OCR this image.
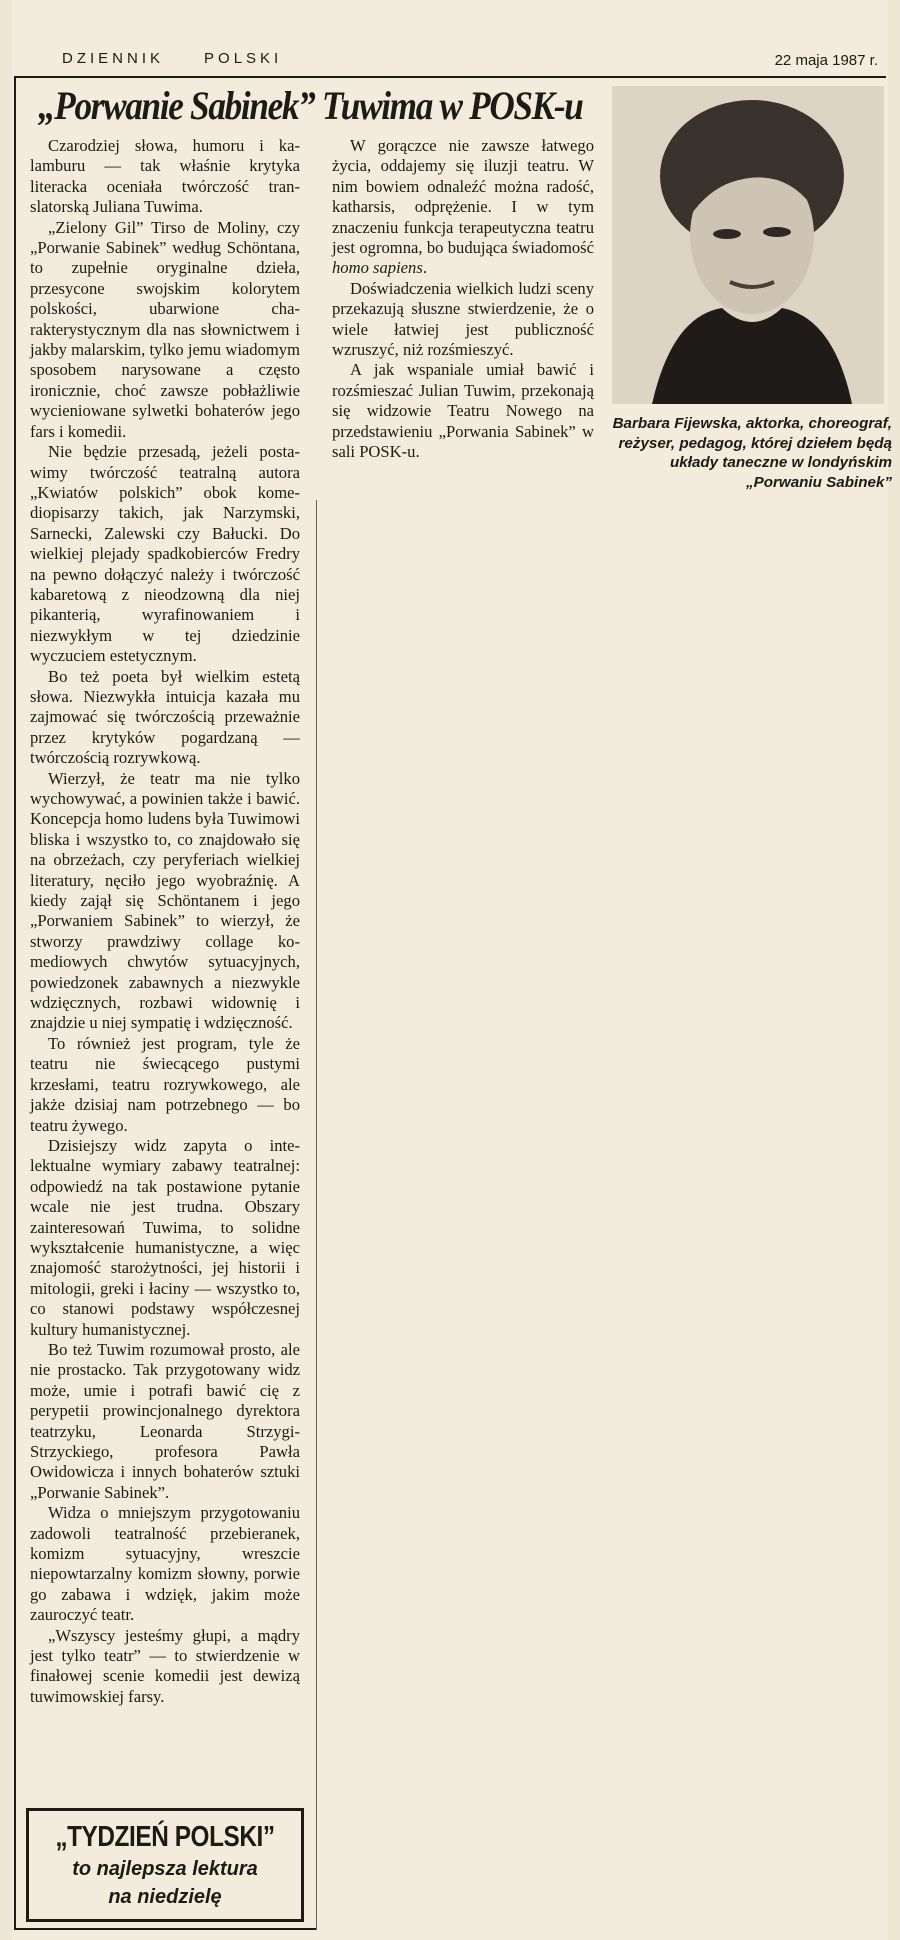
DZIENNIK	POLSKI	22 maja 1987 r.
„Porwanie Sabinek” Tuwima w POSK-u

Czarodziej słowa, humoru i kalamburu — tak właśnie krytyka literacka oceniała twórczość translatorską Juliana Tuwima.

„Zielony Gil” Tirso de Moliny, czy „Porwanie Sabinek” według Schöntana, to zupełnie oryginalne dzieła, przesycone swojskim kolorytem polskości, ubarwione charakterystycznym dla nas słownictwem i jakby malarskim, tylko jemu wiadomym sposobem narysowane a często ironicznie, choć zawsze pobłażliwie wycieniowane sylwetki bohaterów jego fars i komedii.

Nie będzie przesadą, jeżeli postawimy twórczość teatralną autora „Kwiatów polskich” obok komediopisarzy takich, jak Narzymski, Sarnecki, Zalewski czy Bałucki. Do wielkiej plejady spadkobierców Fredry na pewno dołączyć należy i twórczość kabaretową z nieodzowną dla niej pikanterią, wyrafinowaniem i niezwykłym w tej dziedzinie wyczuciem estetycznym.

Bo też poeta był wielkim estetą słowa. Niezwykła intuicja kazała mu zajmować się twórczością przeważnie przez krytyków pogardzaną — twórczością rozrywkową.

Wierzył, że teatr ma nie tylko wychowywać, a powinien także i bawić. Koncepcja homo ludens była Tuwimowi bliska i wszystko to, co znajdowało się na obrzeżach, czy peryferiach wielkiej literatury, nęciło jego wyobraźnię. A kiedy zajął się Schöntanem i jego „Porwaniem Sabinek” to wierzył, że stworzy prawdziwy collage komediowych chwytów sytuacyjnych, powiedzonek zabawnych a niezwykle wdzięcznych, rozbawi widownię i znajdzie u niej sympatię i wdzięczność.

To również jest program, tyle że teatru nie świecącego pustymi krzesłami, teatru rozrywkowego, ale jakże dzisiaj nam potrzebnego — bo teatru żywego.

Dzisiejszy widz zapyta o intelektualne wymiary zabawy teatralnej: odpowiedź na tak postawione pytanie wcale nie jest trudna. Obszary zainteresowań Tuwima, to solidne wykształcenie humanistyczne, a więc znajomość starożytności, jej historii i mitologii, greki i łaciny — wszystko to, co stanowi podstawy współczesnej kultury humanistycznej.

Bo też Tuwim rozumował prosto, ale nie prostacko. Tak przygotowany widz może, umie i potrafi bawić cię z perypetii prowincjonalnego dyrektora teatrzyku, Leonarda Strzygi-Strzyckiego, profesora Pawła Owidowicza i innych bohaterów sztuki „Porwanie Sabinek”.

Widza o mniejszym przygotowaniu zadowoli teatralność przebieranek, komizm sytuacyjny, wreszcie niepowtarzalny komizm słowny, porwie go zabawa i wdzięk, jakim może zauroczyć teatr.

„Wszyscy jesteśmy głupi, a mądry jest tylko teatr” — to stwierdzenie w finałowej scenie komedii jest dewizą tuwimowskiej farsy.

W gorączce nie zawsze łatwego życia, oddajemy się iluzji teatru. W nim bowiem odnaleźć można radość, katharsis, odprężenie. I w tym znaczeniu funkcja terapeutyczna teatru jest ogromna, bo budująca świadomość homo sapiens.

Doświadczenia wielkich ludzi sceny przekazują słuszne stwierdzenie, że o wiele łatwiej jest publiczność wzruszyć, niż rozśmieszyć.

A jak wspaniale umiał bawić i rozśmieszać Julian Tuwim, przekonają się widzowie Teatru Nowego na przedstawieniu „Porwania Sabinek” w sali POSK-u.

Barbara Fijewska, aktorka, choreograf, reżyser, pedagog, której dziełem będą układy taneczne w londyńskim „Porwaniu Sabinek”
„TYDZIEŃ POLSKI”
to najlepsza lektura
na niedzielę
